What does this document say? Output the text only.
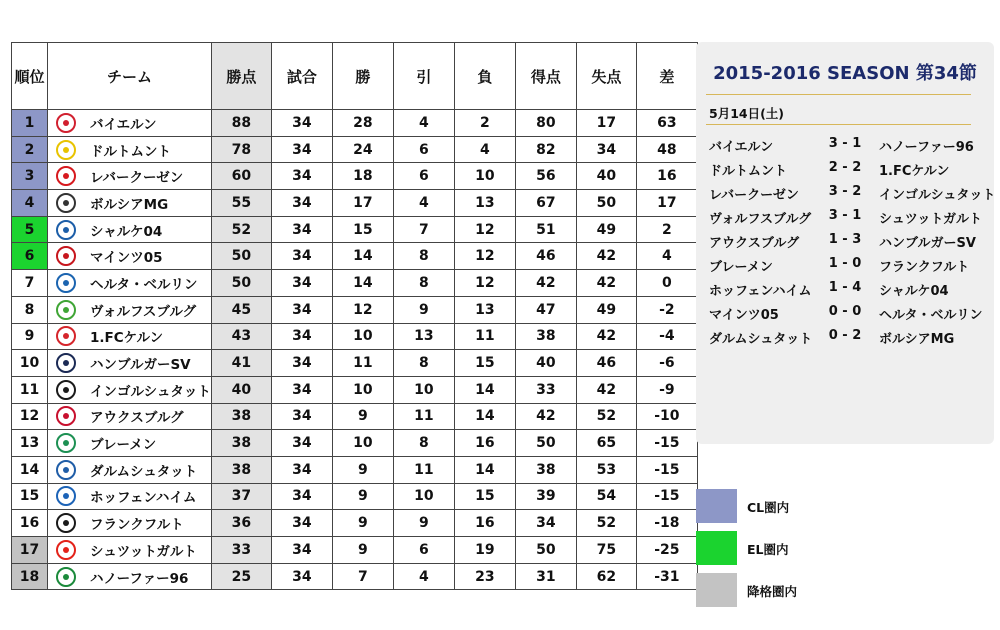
順位	チーム	勝点	試合	勝	引	負	得点	失点	差
1	バイエルン	88	34	28	4	2	80	17	63
2	ドルトムント	78	34	24	6	4	82	34	48
3	レバークーゼン	60	34	18	6	10	56	40	16
4	ボルシアMG	55	34	17	4	13	67	50	17
5	シャルケ04	52	34	15	7	12	51	49	2
6	マインツ05	50	34	14	8	12	46	42	4
7	ヘルタ・ベルリン	50	34	14	8	12	42	42	0
8	ヴォルフスブルグ	45	34	12	9	13	47	49	-2
9	1.FCケルン	43	34	10	13	11	38	42	-4
10	ハンブルガーSV	41	34	11	8	15	40	46	-6
11	インゴルシュタット	40	34	10	10	14	33	42	-9
12	アウクスブルグ	38	34	9	11	14	42	52	-10
13	ブレーメン	38	34	10	8	16	50	65	-15
14	ダルムシュタット	38	34	9	11	14	38	53	-15
15	ホッフェンハイム	37	34	9	10	15	39	54	-15
16	フランクフルト	36	34	9	9	16	34	52	-18
17	シュツットガルト	33	34	9	6	19	50	75	-25
18	ハノーファー96	25	34	7	4	23	31	62	-31
2015-2016 SEASON 第34節
5月14日(土)
バイエルン	3 - 1	ハノーファー96
ドルトムント	2 - 2	1.FCケルン
レバークーゼン	3 - 2	インゴルシュタット
ヴォルフスブルグ	3 - 1	シュツットガルト
アウクスブルグ	1 - 3	ハンブルガーSV
ブレーメン	1 - 0	フランクフルト
ホッフェンハイム	1 - 4	シャルケ04
マインツ05	0 - 0	ヘルタ・ベルリン
ダルムシュタット	0 - 2	ボルシアMG
CL圏内
EL圏内
降格圏内
